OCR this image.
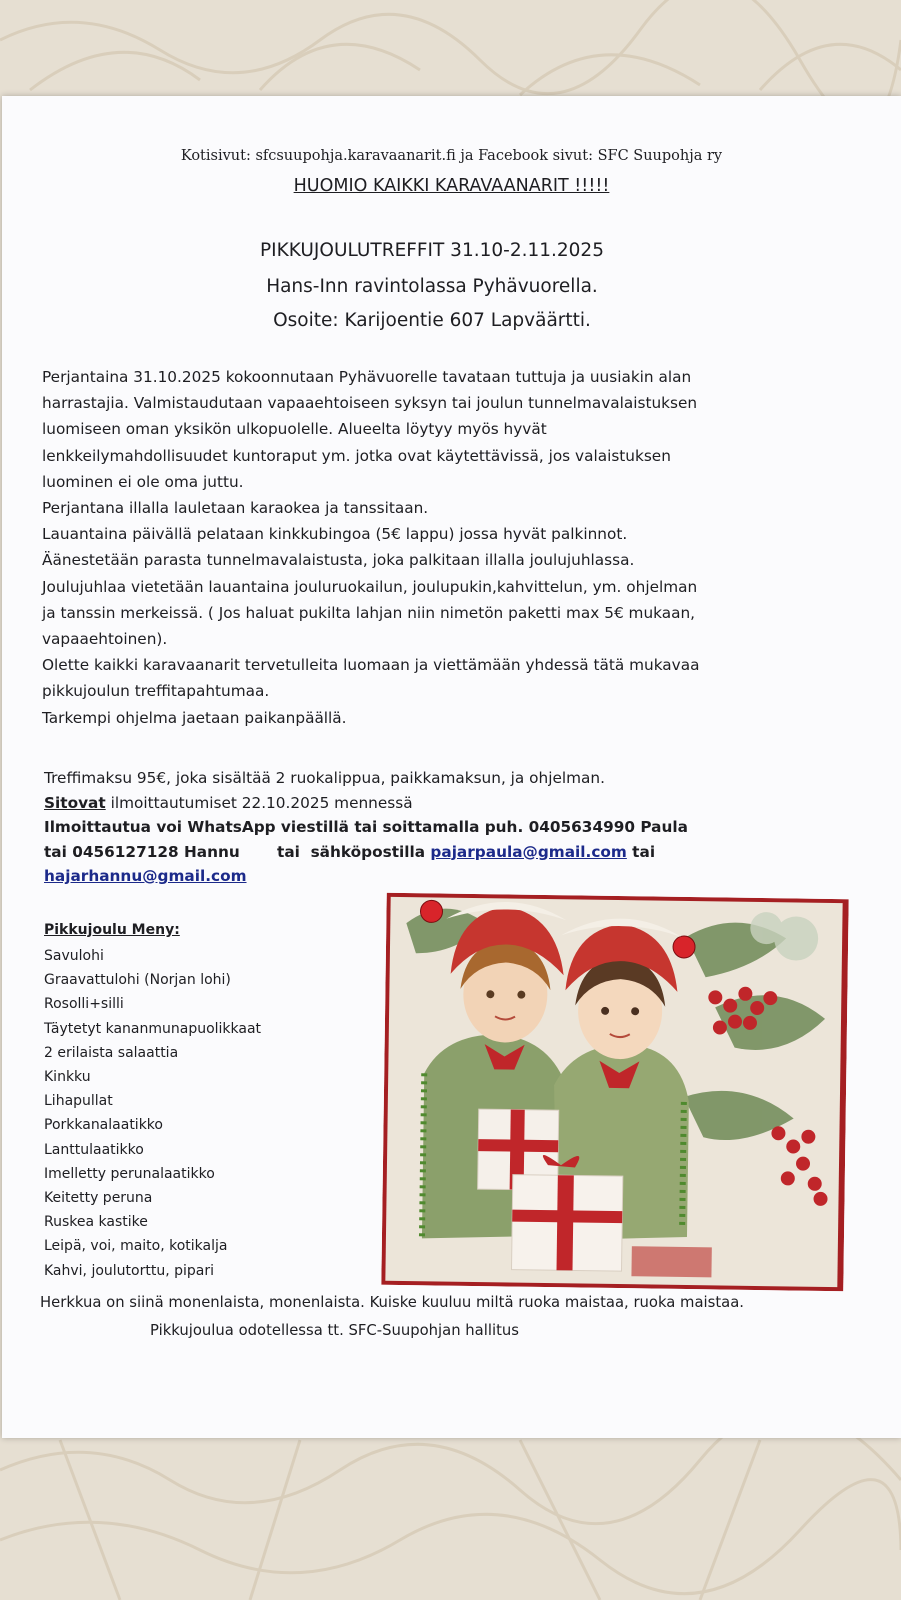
Kotisivut: sfcsuupohja.karavaanarit.fi ja Facebook sivut: SFC Suupohja ry

HUOMIO KAIKKI KARAVAANARIT !!!!!

PIKKUJOULUTREFFIT 31.10-2.11.2025

Hans-Inn ravintolassa Pyhävuorella.

Osoite: Karijoentie 607 Lapväärtti.

Perjantaina 31.10.2025 kokoonnutaan Pyhävuorelle tavataan tuttuja ja uusiakin alan

harrastajia. Valmistaudutaan vapaaehtoiseen syksyn tai joulun tunnelmavalaistuksen

luomiseen oman yksikön ulkopuolelle. Alueelta löytyy myös hyvät

lenkkeilymahdollisuudet kuntoraput ym. jotka ovat käytettävissä, jos valaistuksen

luominen ei ole oma juttu.

Perjantana illalla lauletaan karaokea ja tanssitaan.

Lauantaina päivällä pelataan kinkkubingoa (5€ lappu) jossa hyvät palkinnot.

Äänestetään parasta tunnelmavalaistusta, joka palkitaan illalla joulujuhlassa.

Joulujuhlaa vietetään lauantaina jouluruokailun, joulupukin,kahvittelun, ym. ohjelman

ja tanssin merkeissä. ( Jos haluat pukilta lahjan niin nimetön paketti max 5€ mukaan,

vapaaehtoinen).

Olette kaikki karavaanarit tervetulleita luomaan ja viettämään yhdessä tätä mukavaa

pikkujoulun treffitapahtumaa.

Tarkempi ohjelma jaetaan paikanpäällä.

Treffimaksu 95€, joka sisältää 2 ruokalippua, paikkamaksun, ja ohjelman.

Sitovat ilmoittautumiset 22.10.2025 mennessä

Ilmoittautua voi WhatsApp viestillä tai soittamalla puh. 0405634990 Paula

tai 0456127128 Hannu       tai  sähköpostilla pajarpaula@gmail.com tai

hajarhannu@gmail.com

Pikkujoulu Meny:

Savulohi
Graavattulohi (Norjan lohi)
Rosolli+silli
Täytetyt kananmunapuolikkaat
2 erilaista salaattia
Kinkku
Lihapullat
Porkkanalaatikko
Lanttulaatikko
Imelletty perunalaatikko
Keitetty peruna
Ruskea kastike
Leipä, voi, maito, kotikalja
Kahvi, joulutorttu, pipari

Herkkua on siinä monenlaista, monenlaista. Kuiske kuuluu miltä ruoka maistaa, ruoka maistaa.

Pikkujoulua odotellessa tt. SFC-Suupohjan hallitus
